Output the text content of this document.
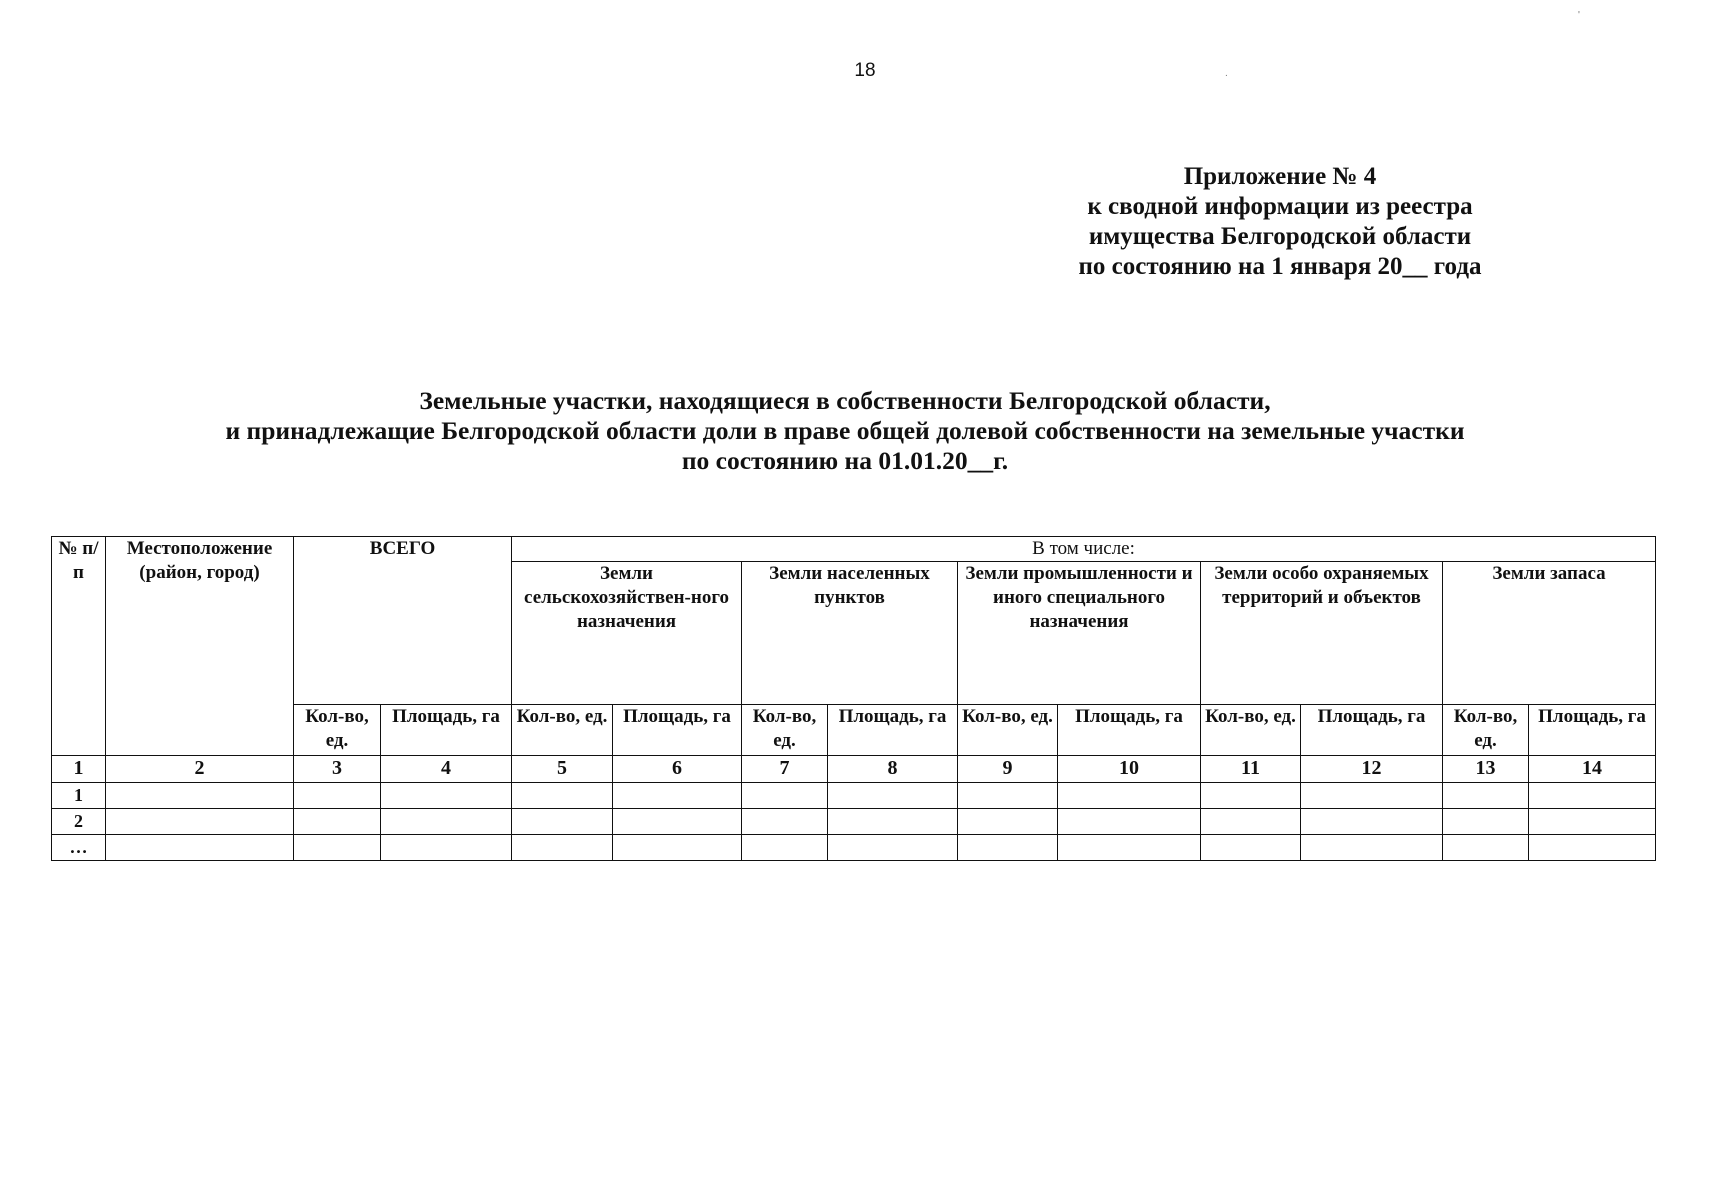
18
Приложение № 4
к сводной информации из реестра
имущества Белгородской области
по состоянию на 1 января 20__ года
Земельные участки, находящиеся в собственности Белгородской области,
и принадлежащие Белгородской области доли в праве общей долевой собственности на земельные участки
по состоянию на 01.01.20__г.
№ п/п	Местоположение (район, город)	ВСЕГО		В том числе:									
				Земли сельскохозяйствен-ного назначения		Земли населенных пунктов		Земли промышленности и иного специального назначения		Земли особо охраняемых территорий и объектов		Земли запаса	
		Кол-во, ед.	Площадь, га	Кол-во, ед.	Площадь, га	Кол-во, ед.	Площадь, га	Кол-во, ед.	Площадь, га	Кол-во, ед.	Площадь, га	Кол-во, ед.	Площадь, га
1	2	3	4	5	6	7	8	9	10	11	12	13	14
1													
2													
…													
'
.
